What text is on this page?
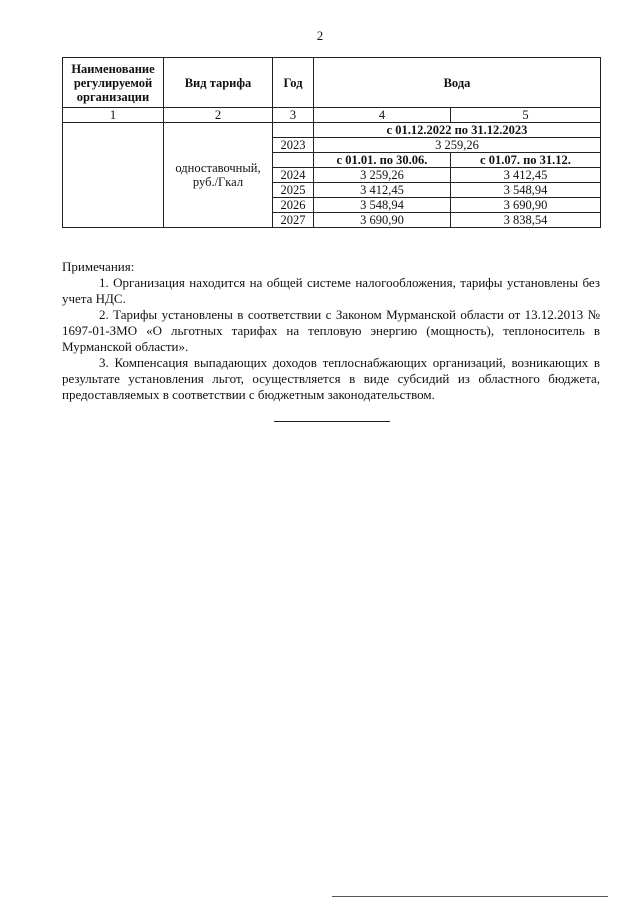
2
Наименование регулируемой организации	Вид тарифа	Год	Вода	
1	2	3	4	5
	одноставочный, руб./Гкал		с 01.12.2022 по 31.12.2023	
		2023	3 259,26	
			с 01.01. по 30.06.	с 01.07. по 31.12.
		2024	3 259,26	3 412,45
		2025	3 412,45	3 548,94
		2026	3 548,94	3 690,90
		2027	3 690,90	3 838,54

Примечания:

1. Организация находится на общей системе налогообложения, тарифы установлены без учета НДС.

2. Тарифы установлены в соответствии с Законом Мурманской области от 13.12.2013 № 1697-01-ЗМО «О льготных тарифах на тепловую энергию (мощность), теплоноситель в Мурманской области».

3. Компенсация выпадающих доходов теплоснабжающих организаций, возникающих в результате установления льгот, осуществляется в виде субсидий из областного бюджета, предоставляемых в соответствии с бюджетным законодательством.
